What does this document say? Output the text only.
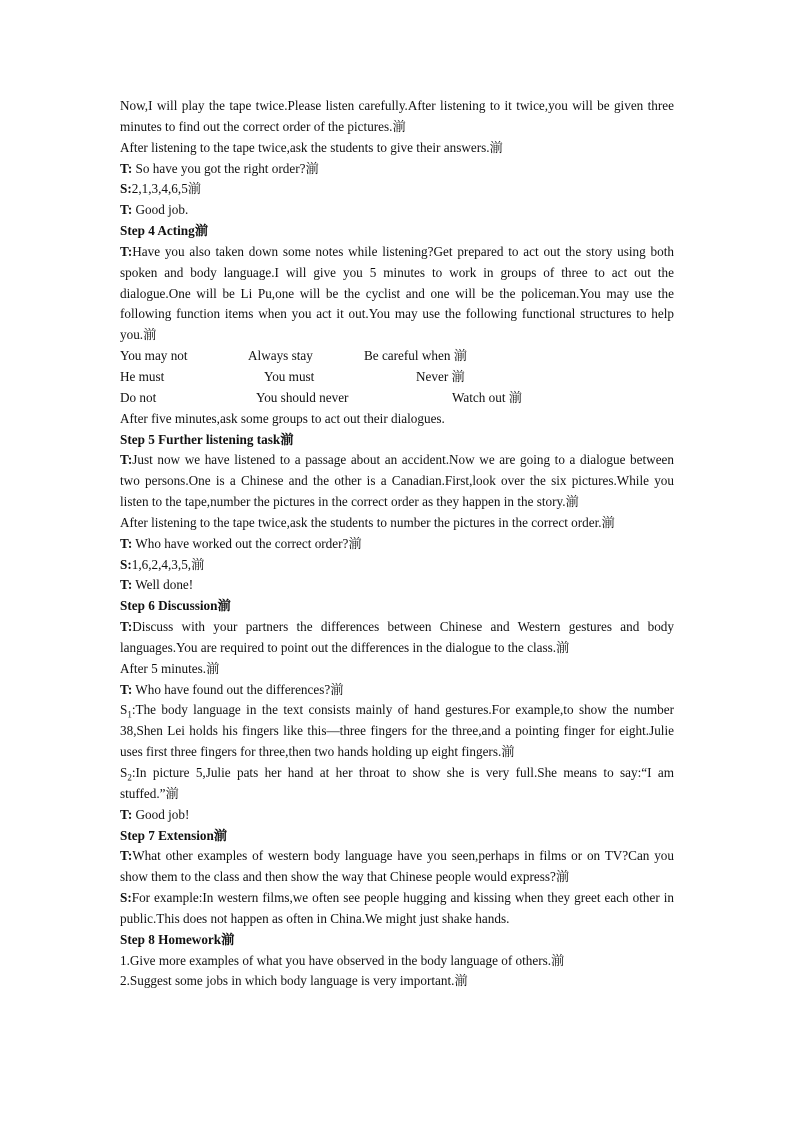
Now,I will play the tape twice.Please listen carefully.After listening to it twice,you will be given three minutes to find out the correct order of the pictures.湔

After listening to the tape twice,ask the students to give their answers.湔

T: So have you got the right order?湔

S:2,1,3,4,6,5湔

T: Good job.

Step 4 Acting湔

T:Have you also taken down some notes while listening?Get prepared to act out the story using both spoken and body language.I will give you 5 minutes to work in groups of three to act out the dialogue.One will be Li Pu,one will be the cyclist and one will be the policeman.You may use the following function items when you act it out.You may use the following functional structures to help you.湔

You may not	Always stay	Be careful when 湔
He must	You must	Never 湔
Do not	You should never	Watch out 湔

After five minutes,ask some groups to act out their dialogues.

Step 5 Further listening task湔

T:Just now we have listened to a passage about an accident.Now we are going to a dialogue between two persons.One is a Chinese and the other is a Canadian.First,look over the six pictures.While you listen to the tape,number the pictures in the correct order as they happen in the story.湔

After listening to the tape twice,ask the students to number the pictures in the correct order.湔

T: Who have worked out the correct order?湔

S:1,6,2,4,3,5,湔

T: Well done!

Step 6 Discussion湔

T:Discuss with your partners the differences between Chinese and Western gestures and body languages.You are required to point out the differences in the dialogue to the class.湔

After 5 minutes.湔

T: Who have found out the differences?湔

$S_1:The$ body language in the text consists mainly of hand gestures.For example,to show the number 38,Shen Lei holds his fingers like this—three fingers for the three,and a pointing finger for eight.Julie uses first three fingers for three,then two hands holding up eight fingers.湔

$S_2:In$ picture 5,Julie pats her hand at her throat to show she is very full.She means to say:“I am stuffed.”湔

T: Good job!

Step 7 Extension湔

T:What other examples of western body language have you seen,perhaps in films or on TV?Can you show them to the class and then show the way that Chinese people would express?湔

S:For example:In western films,we often see people hugging and kissing when they greet each other in public.This does not happen as often in China.We might just shake hands.

Step 8 Homework湔

1.Give more examples of what you have observed in the body language of others.湔

2.Suggest some jobs in which body language is very important.湔
